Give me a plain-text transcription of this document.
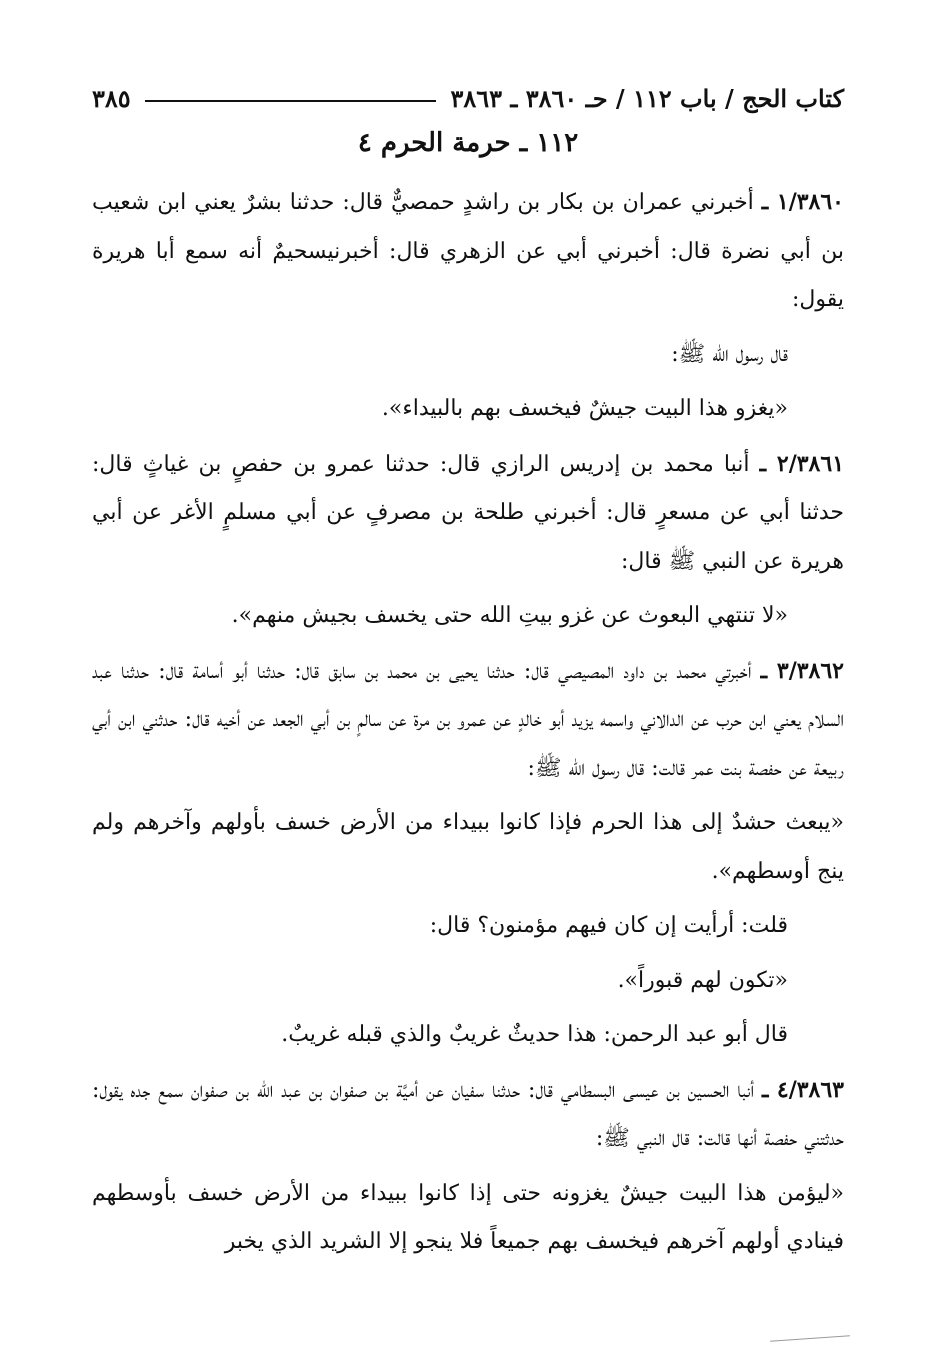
كتاب الحج / باب ١١٢ / حـ ٣٨٦٠ ـ ٣٨٦٣
٣٨٥
١١٢ ـ حرمة الحرم ٤

١/٣٨٦٠ ـ أخبرني عمران بن بكار بن راشدٍ حمصيٌّ قال: حدثنا بشرٌ يعني ابن شعيب بن أبي نضرة قال: أخبرني أبي عن الزهري قال: أخبرنيسحيمٌ أنه سمع أبا هريرة يقول:

قال رسول الله ﷺ:

«يغزو هذا البيت جيشٌ فيخسف بهم بالبيداء».

٢/٣٨٦١ ـ أنبا محمد بن إدريس الرازي قال: حدثنا عمرو بن حفصٍ بن غياثٍ قال: حدثنا أبي عن مسعرٍ قال: أخبرني طلحة بن مصرفٍ عن أبي مسلمٍ الأغر عن أبي هريرة عن النبي ﷺ قال:

«لا تنتهي البعوث عن غزو بيتِ الله حتى يخسف بجيش منهم».

٣/٣٨٦٢ ـ أخبرتي محمد بن داود المصيصي قال: حدثنا يحيى بن محمد بن سابق قال: حدثنا أبو أسامة قال: حدثنا عبد السلام يعني ابن حرب عن الدالاني واسمه يزيد أبو خالدٍ عن عمرو بن مرة عن سالمٍ بن أبي الجعد عن أخيه قال: حدثني ابن أبي ربيعة عن حفصة بنت عمر قالت: قال رسول الله ﷺ:

«يبعث حشدٌ إلى هذا الحرم فإذا كانوا ببيداء من الأرض خسف بأولهم وآخرهم ولم ينج أوسطهم».

قلت: أرأيت إن كان فيهم مؤمنون؟ قال:

«تكون لهم قبوراً».

قال أبو عبد الرحمن: هذا حديثٌ غريبٌ والذي قبله غريبٌ.

٤/٣٨٦٣ ـ أنبا الحسين بن عيسى البسطامي قال: حدثنا سفيان عن أميَّة بن صفوان بن عبد الله بن صفوان سمع جده يقول: حدثتني حفصة أنها قالت: قال النبي ﷺ:

«ليؤمن هذا البيت جيشٌ يغزونه حتى إذا كانوا ببيداء من الأرض خسف بأوسطهم فينادي أولهم آخرهم فيخسف بهم جميعاً فلا ينجو إلا الشريد الذي يخبر
